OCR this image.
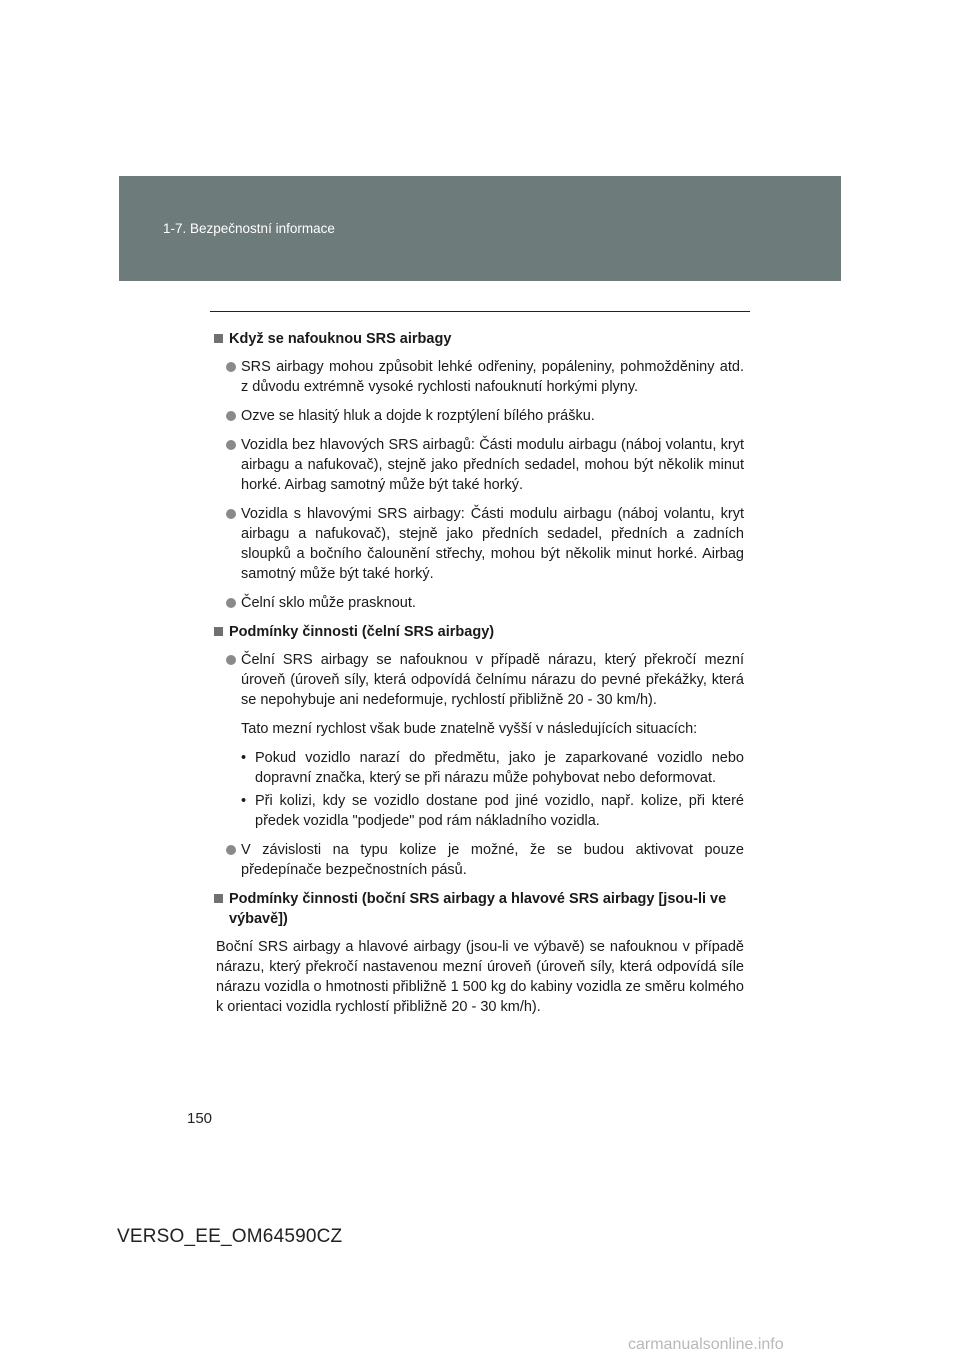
1-7. Bezpečnostní informace
Když se nafouknou SRS airbagy
SRS airbagy mohou způsobit lehké odřeniny, popáleniny, pohmožděniny atd. z důvodu extrémně vysoké rychlosti nafouknutí horkými plyny.
Ozve se hlasitý hluk a dojde k rozptýlení bílého prášku.
Vozidla bez hlavových SRS airbagů: Části modulu airbagu (náboj volantu, kryt airbagu a nafukovač), stejně jako předních sedadel, mohou být několik minut horké. Airbag samotný může být také horký.
Vozidla s hlavovými SRS airbagy: Části modulu airbagu (náboj volantu, kryt airbagu a nafukovač), stejně jako předních sedadel, předních a zadních sloupků a bočního čalounění střechy, mohou být několik minut horké. Airbag samotný může být také horký.
Čelní sklo může prasknout.
Podmínky činnosti (čelní SRS airbagy)
Čelní SRS airbagy se nafouknou v případě nárazu, který překročí mezní úroveň (úroveň síly, která odpovídá čelnímu nárazu do pevné překážky, která se nepohybuje ani nedeformuje, rychlostí přibližně 20 - 30 km/h).
Tato mezní rychlost však bude znatelně vyšší v následujících situacích:
• Pokud vozidlo narazí do předmětu, jako je zaparkované vozidlo nebo dopravní značka, který se při nárazu může pohybovat nebo deformovat.
• Při kolizi, kdy se vozidlo dostane pod jiné vozidlo, např. kolize, při které předek vozidla "podjede" pod rám nákladního vozidla.
V závislosti na typu kolize je možné, že se budou aktivovat pouze předepínače bezpečnostních pásů.
Podmínky činnosti (boční SRS airbagy a hlavové SRS airbagy [jsou-li ve výbavě])
Boční SRS airbagy a hlavové airbagy (jsou-li ve výbavě) se nafouknou v případě nárazu, který překročí nastavenou mezní úroveň (úroveň síly, která odpovídá síle nárazu vozidla o hmotnosti přibližně 1 500 kg do kabiny vozidla ze směru kolmého k orientaci vozidla rychlostí přibližně 20 - 30 km/h).
150
VERSO_EE_OM64590CZ
carmanualsonline.info
